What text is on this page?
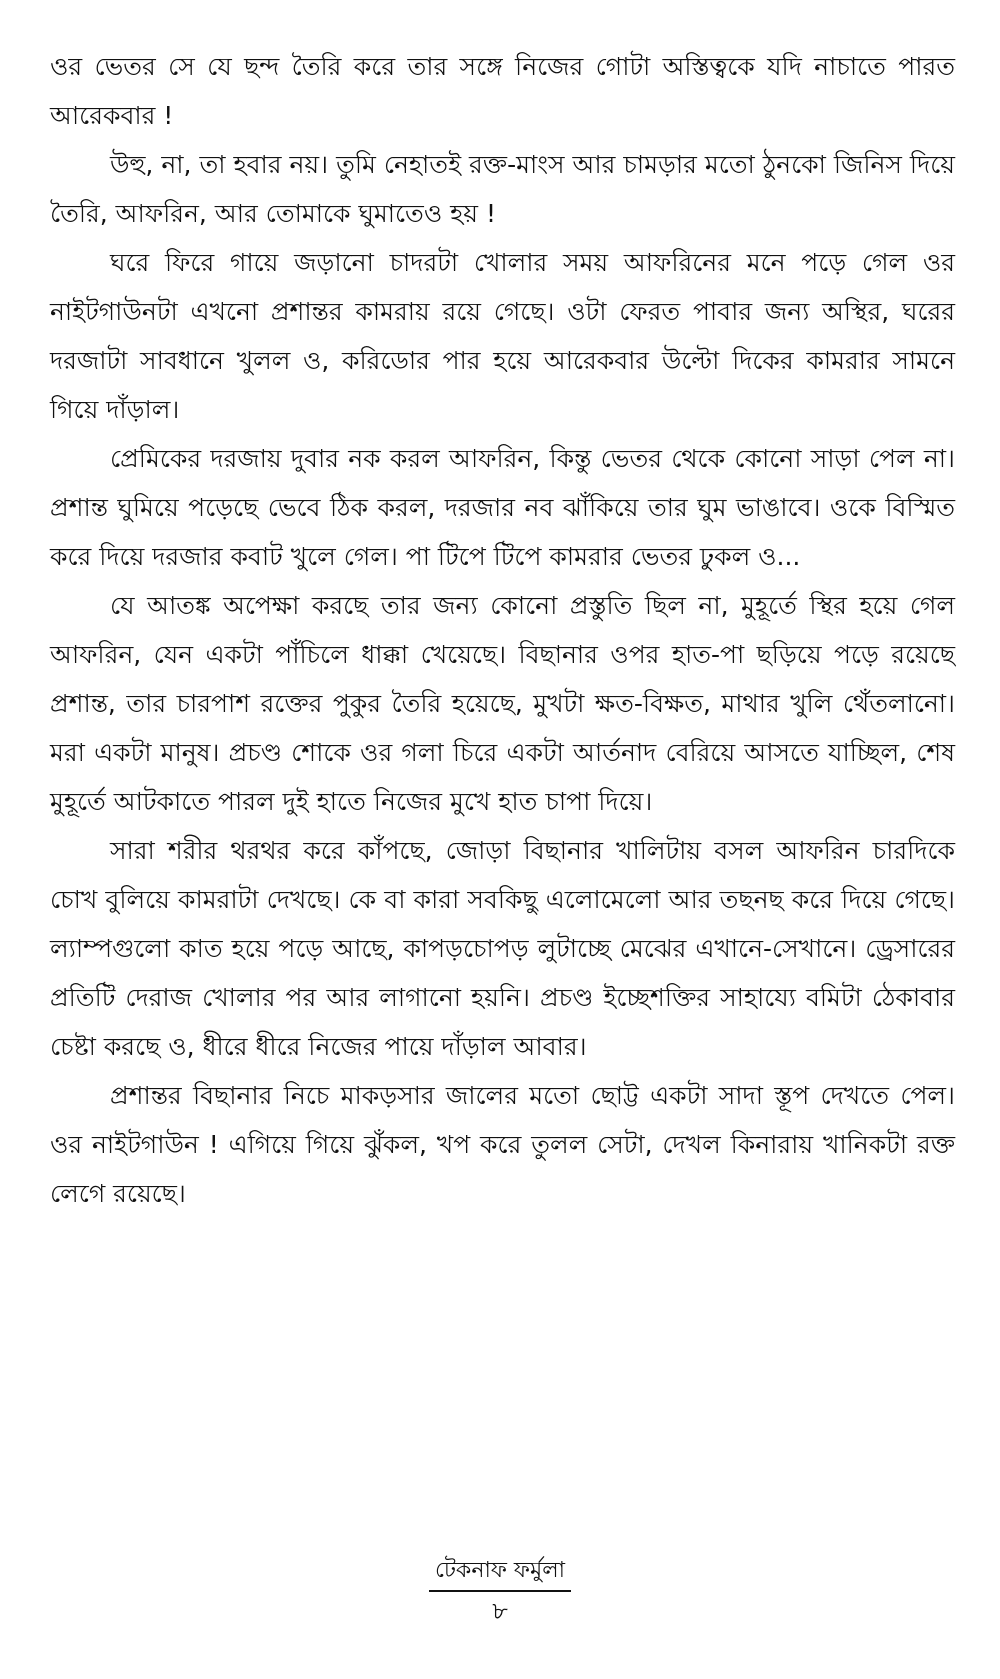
ওর ভেতর সে যে ছন্দ তৈরি করে তার সঙ্গে নিজের গোটা অস্তিত্বকে যদি নাচাতে পারত আরেকবার !

উহু, না, তা হবার নয়। তুমি নেহাতই রক্ত-মাংস আর চামড়ার মতো ঠুনকো জিনিস দিয়ে তৈরি, আফরিন, আর তোমাকে ঘুমাতেও হয় !

ঘরে ফিরে গায়ে জড়ানো চাদরটা খোলার সময় আফরিনের মনে পড়ে গেল ওর নাইটগাউনটা এখনো প্রশান্তর কামরায় রয়ে গেছে। ওটা ফেরত পাবার জন্য অস্থির, ঘরের দরজাটা সাবধানে খুলল ও, করিডোর পার হয়ে আরেকবার উল্টো দিকের কামরার সামনে গিয়ে দাঁড়াল।

প্রেমিকের দরজায় দুবার নক করল আফরিন, কিন্তু ভেতর থেকে কোনো সাড়া পেল না। প্রশান্ত ঘুমিয়ে পড়েছে ভেবে ঠিক করল, দরজার নব ঝাঁকিয়ে তার ঘুম ভাঙাবে। ওকে বিস্মিত করে দিয়ে দরজার কবাট খুলে গেল। পা টিপে টিপে কামরার ভেতর ঢুকল ও...

যে আতঙ্ক অপেক্ষা করছে তার জন্য কোনো প্রস্তুতি ছিল না, মুহূর্তে স্থির হয়ে গেল আফরিন, যেন একটা পাঁচিলে ধাক্কা খেয়েছে। বিছানার ওপর হাত-পা ছড়িয়ে পড়ে রয়েছে প্রশান্ত, তার চারপাশ রক্তের পুকুর তৈরি হয়েছে, মুখটা ক্ষত-বিক্ষত, মাথার খুলি থেঁতলানো। মরা একটা মানুষ। প্রচণ্ড শোকে ওর গলা চিরে একটা আর্তনাদ বেরিয়ে আসতে যাচ্ছিল, শেষ মুহূর্তে আটকাতে পারল দুই হাতে নিজের মুখে হাত চাপা দিয়ে।

সারা শরীর থরথর করে কাঁপছে, জোড়া বিছানার খালিটায় বসল আফরিন চারদিকে চোখ বুলিয়ে কামরাটা দেখছে। কে বা কারা সবকিছু এলোমেলো আর তছনছ করে দিয়ে গেছে। ল্যাম্পগুলো কাত হয়ে পড়ে আছে, কাপড়চোপড় লুটাচ্ছে মেঝের এখানে-সেখানে। ড্রেসারের প্রতিটি দেরাজ খোলার পর আর লাগানো হয়নি। প্রচণ্ড ইচ্ছেশক্তির সাহায্যে বমিটা ঠেকাবার চেষ্টা করছে ও, ধীরে ধীরে নিজের পায়ে দাঁড়াল আবার।

প্রশান্তর বিছানার নিচে মাকড়সার জালের মতো ছোট্ট একটা সাদা স্তূপ দেখতে পেল। ওর নাইটগাউন ! এগিয়ে গিয়ে ঝুঁকল, খপ করে তুলল সেটা, দেখল কিনারায় খানিকটা রক্ত লেগে রয়েছে।

টেকনাফ ফর্মুলা
৮
